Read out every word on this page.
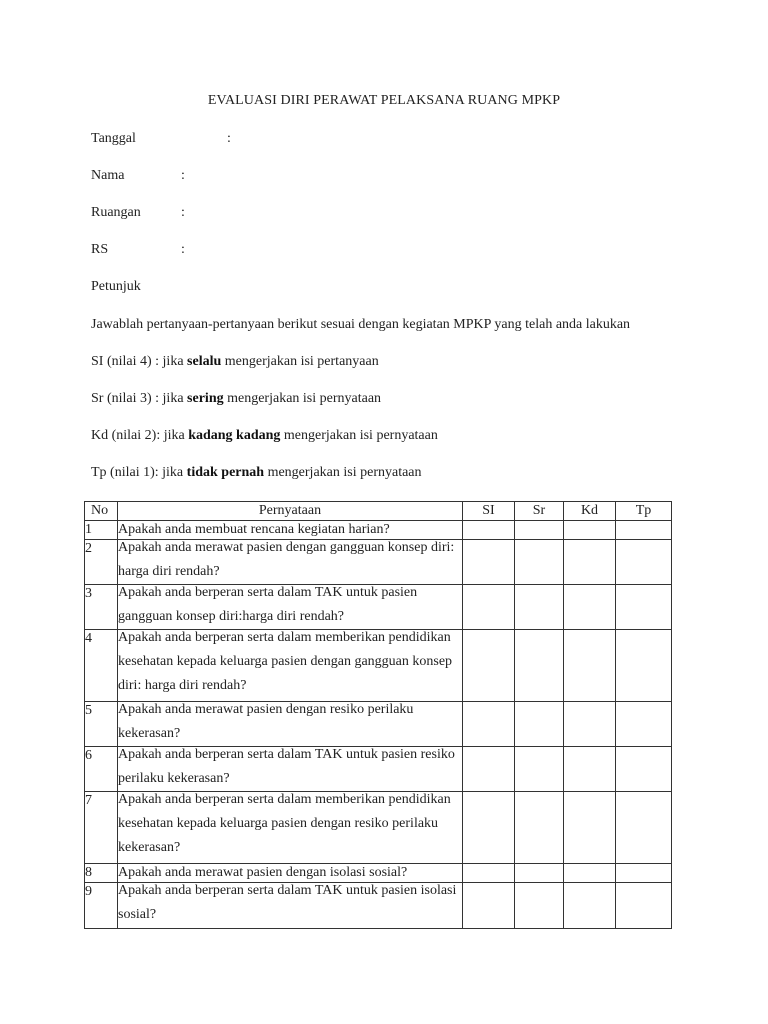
EVALUASI DIRI PERAWAT PELAKSANA RUANG MPKP
Tanggal	:
Nama	:
Ruangan	:
RS	:
Petunjuk
Jawablah pertanyaan-pertanyaan berikut sesuai dengan kegiatan MPKP yang telah anda lakukan
SI (nilai 4) : jika selalu mengerjakan isi pertanyaan
Sr (nilai 3) : jika sering mengerjakan isi pernyataan
Kd (nilai 2): jika kadang kadang mengerjakan isi pernyataan
Tp (nilai 1): jika tidak pernah mengerjakan isi pernyataan
No	Pernyataan	SI	Sr	Kd	Tp
1	Apakah anda membuat rencana kegiatan harian?				

2	Apakah anda merawat pasien dengan gangguan konsep diri: harga diri rendah?				

3	Apakah anda berperan serta dalam TAK untuk pasien gangguan konsep diri:harga diri rendah?				

4	Apakah anda berperan serta dalam memberikan pendidikan kesehatan kepada keluarga pasien dengan gangguan konsep diri: harga diri rendah?				

5	Apakah anda merawat pasien dengan resiko perilaku kekerasan?				

6	Apakah anda berperan serta dalam TAK untuk pasien resiko perilaku kekerasan?				

7	Apakah anda berperan serta dalam memberikan pendidikan kesehatan kepada keluarga pasien dengan resiko perilaku kekerasan?				

8	Apakah anda merawat pasien dengan isolasi sosial?				

9	Apakah anda berperan serta dalam TAK untuk pasien isolasi sosial?				
